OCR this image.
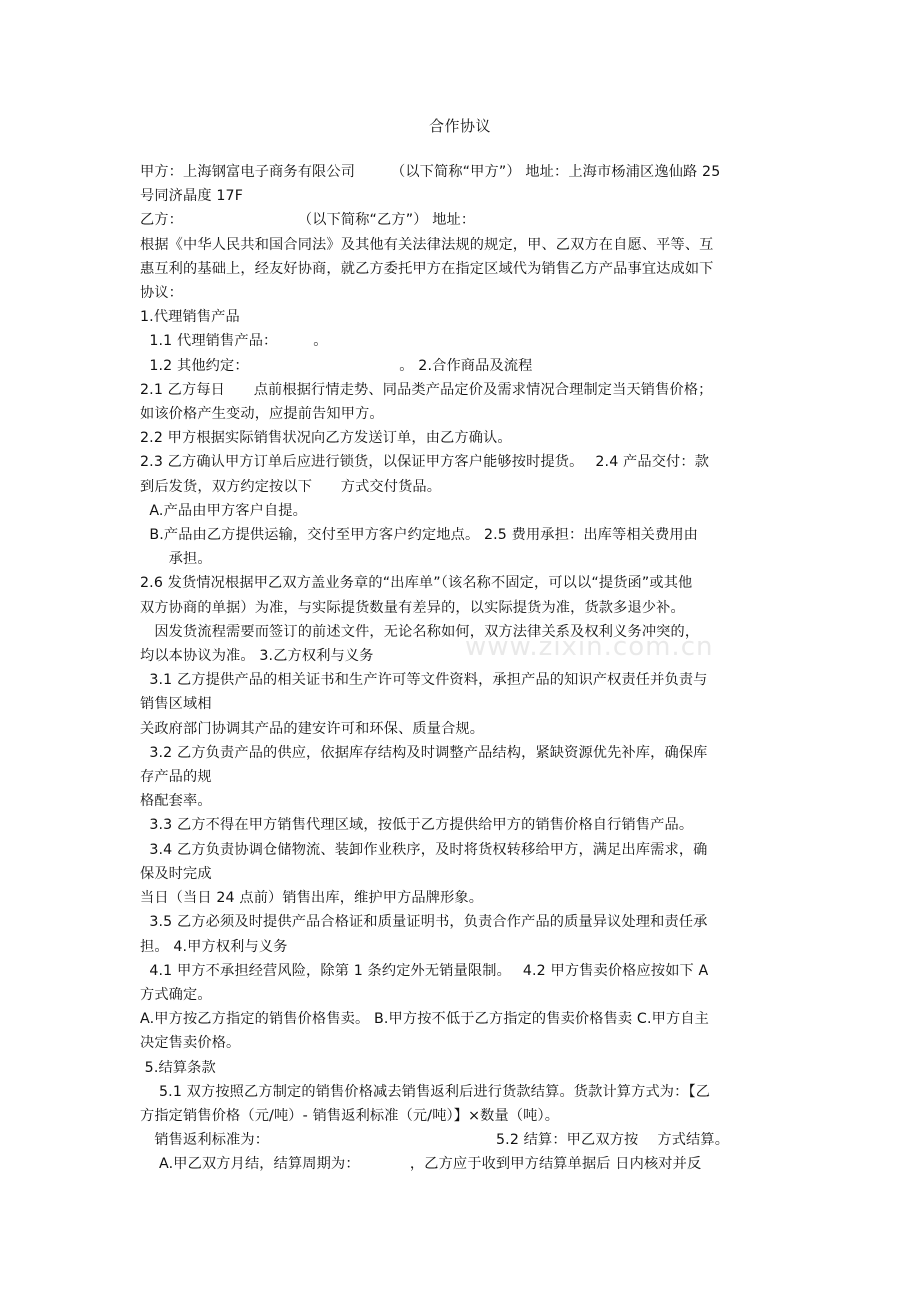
www.zixin.com.cn
合作协议

甲方：上海钢富电子商务有限公司　　　（以下简称“甲方”） 地址：上海市杨浦区逸仙路 25

号同济晶度 17F

乙方：　　　　　　　　　（以下简称“乙方”） 地址：

根据《中华人民共和国合同法》及其他有关法律法规的规定，甲、乙双方在自愿、平等、互

惠互利的基础上，经友好协商，就乙方委托甲方在指定区域代为销售乙方产品事宜达成如下

协议：

1.代理销售产品

1.1 代理销售产品：　　　。

1.2 其他约定：　　　　　　　　　　　。 2.合作商品及流程

2.1 乙方每日　　点前根据行情走势、同品类产品定价及需求情况合理制定当天销售价格；

如该价格产生变动，应提前告知甲方。

2.2 甲方根据实际销售状况向乙方发送订单，由乙方确认。

2.3 乙方确认甲方订单后应进行锁货，以保证甲方客户能够按时提货。　 2.4 产品交付：款

到后发货，双方约定按以下　　方式交付货品。

A.产品由甲方客户自提。

B.产品由乙方提供运输，交付至甲方客户约定地点。 2.5 费用承担：出库等相关费用由

　　承担。

2.6 发货情况根据甲乙双方盖业务章的“出库单”（该名称不固定，可以以“提货函”或其他

双方协商的单据）为准，与实际提货数量有差异的，以实际提货为准，货款多退少补。

　因发货流程需要而签订的前述文件，无论名称如何，双方法律关系及权利义务冲突的，

均以本协议为准。 3.乙方权利与义务

3.1 乙方提供产品的相关证书和生产许可等文件资料，承担产品的知识产权责任并负责与

销售区域相

关政府部门协调其产品的建安许可和环保、质量合规。

3.2 乙方负责产品的供应，依据库存结构及时调整产品结构，紧缺资源优先补库，确保库

存产品的规

格配套率。

3.3 乙方不得在甲方销售代理区域，按低于乙方提供给甲方的销售价格自行销售产品。

3.4 乙方负责协调仓储物流、装卸作业秩序，及时将货权转移给甲方，满足出库需求，确

保及时完成

当日（当日 24 点前）销售出库，维护甲方品牌形象。

3.5 乙方必须及时提供产品合格证和质量证明书，负责合作产品的质量异议处理和责任承

担。 4.甲方权利与义务

4.1 甲方不承担经营风险，除第 1 条约定外无销量限制。　 4.2 甲方售卖价格应按如下 A

方式确定。

A.甲方按乙方指定的销售价格售卖。 B.甲方按不低于乙方指定的售卖价格售卖 C.甲方自主

决定售卖价格。

5.结算条款

　 5.1 双方按照乙方制定的销售价格减去销售返利后进行货款结算。货款计算方式为：【乙

方指定销售价格（元/吨）- 销售返利标准（元/吨）】×数量（吨）。

　销售返利标准为：　　　　　　　　　　　　　　　　 5.2 结算：甲乙双方按　 方式结算。

　 A.甲乙双方月结，结算周期为：　　　　，乙方应于收到甲方结算单据后 日内核对并反
